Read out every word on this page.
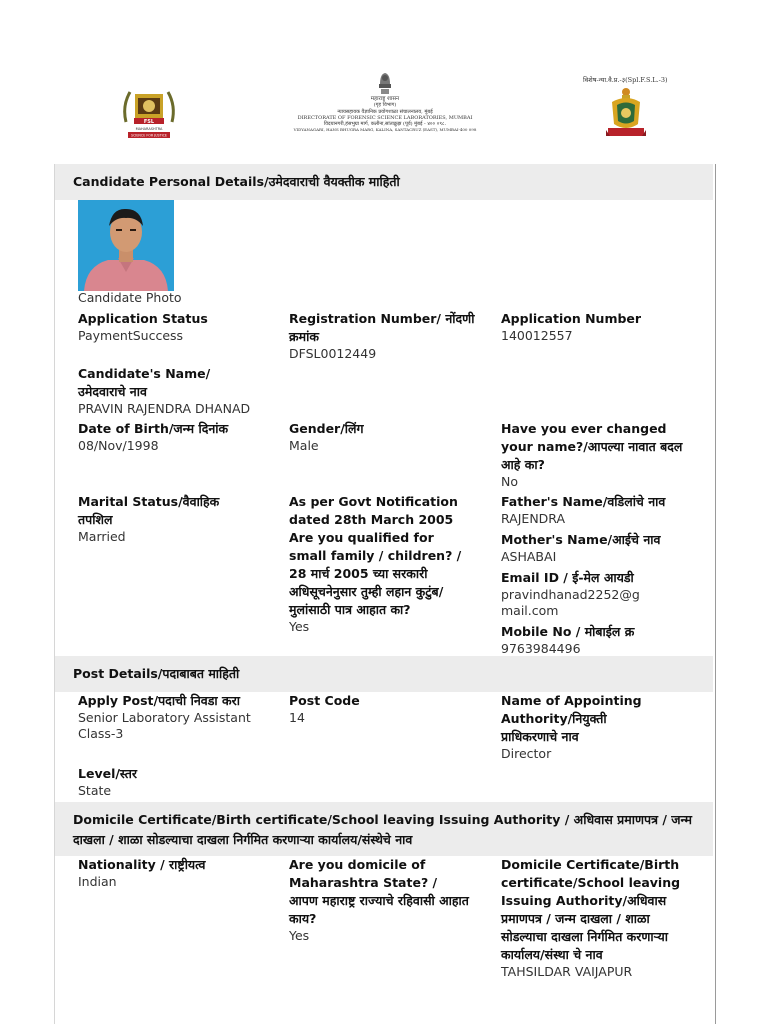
FSL
MAHARASHTRA
SCIENCE FOR JUSTICE
महाराष्ट्र शासन
(गृह विभाग)
न्यायसहायक वैज्ञानिक प्रयोगशाळा संचालनालय, मुंबई
DIRECTORATE OF FORENSIC SCIENCE LABORATORIES, MUMBAI
विदयानगरी,हंसभुग्रा मार्ग, कलीना,सांताक्रुझ (पूर्व) मुंबई - ४०० ०९८.
VIDYANAGARI, HANS BHUGRA MARG, KALINA, SANTACRUZ (EAST), MUMBAI-400 098
विशेष-न्या.वै.प्र.-३(Spl.F.S.L.-3)
Candidate Personal Details/उमेदवाराची वैयक्तीक माहिती
Candidate Photo
Application Status
PaymentSuccess
Registration Number/ नोंदणी क्रमांक
DFSL0012449
Application Number
140012557
Candidate's Name/ उमेदवाराचे नाव
PRAVIN RAJENDRA DHANAD
Date of Birth/जन्म दिनांक
08/Nov/1998
Gender/लिंग
Male
Have you ever changed your name?/आपल्या नावात बदल आहे का?
No
Marital Status/वैवाहिक तपशिल
Married
As per Govt Notification dated 28th March 2005 Are you qualified for small family / children? / 28 मार्च 2005 च्या सरकारी अधिसूचनेनुसार तुम्ही लहान कुटुंब/मुलांसाठी पात्र आहात का?
Yes
Father's Name/वडिलांचे नाव
RAJENDRA
Mother's Name/आईचे नाव
ASHABAI
Email ID / ई-मेल आयडी
pravindhanad2252@gmail.com
Mobile No / मोबाईल क्र
9763984496
Post Details/पदाबाबत माहिती
Apply Post/पदाची निवडा करा
Senior Laboratory Assistant Class-3
Post Code
14
Name of Appointing Authority/नियुक्ती प्राधिकरणाचे नाव
Director
Level/स्तर
State
Domicile Certificate/Birth certificate/School leaving Issuing Authority / अधिवास प्रमाणपत्र / जन्म दाखला / शाळा सोडल्याचा दाखला निर्गमित करणाऱ्या कार्यालय/संस्थेचे नाव
Nationality / राष्ट्रीयत्व
Indian
Are you domicile of Maharashtra State? / आपण महाराष्ट्र राज्याचे रहिवासी आहात काय?
Yes
Domicile Certificate/Birth certificate/School leaving Issuing Authority/अधिवास प्रमाणपत्र / जन्म दाखला / शाळा सोडल्याचा दाखला निर्गमित करणाऱ्या कार्यालय/संस्था चे नाव
TAHSILDAR VAIJAPUR
